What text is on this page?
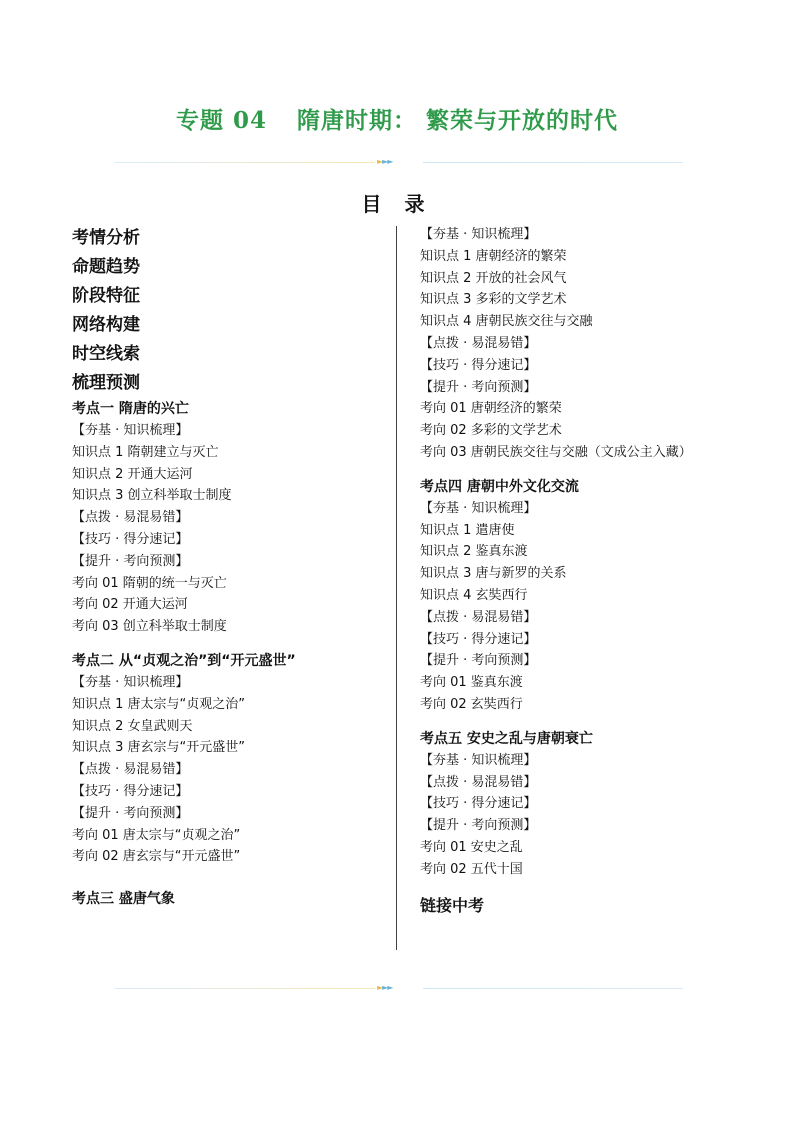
专题 04 隋唐时期： 繁荣与开放的时代
►►►
目 录
考情分析
命题趋势
阶段特征
网络构建
时空线索
梳理预测
考点一 隋唐的兴亡
【夯基 · 知识梳理】
知识点 1 隋朝建立与灭亡
知识点 2 开通大运河
知识点 3 创立科举取士制度
【点拨 · 易混易错】
【技巧 · 得分速记】
【提升 · 考向预测】
考向 01 隋朝的统一与灭亡
考向 02 开通大运河
考向 03 创立科举取士制度
考点二 从“贞观之治”到“开元盛世”
【夯基 · 知识梳理】
知识点 1 唐太宗与“贞观之治”
知识点 2 女皇武则天
知识点 3 唐玄宗与“开元盛世”
【点拨 · 易混易错】
【技巧 · 得分速记】
【提升 · 考向预测】
考向 01 唐太宗与“贞观之治”
考向 02 唐玄宗与“开元盛世”
考点三 盛唐气象
【夯基 · 知识梳理】
知识点 1 唐朝经济的繁荣
知识点 2 开放的社会风气
知识点 3 多彩的文学艺术
知识点 4 唐朝民族交往与交融
【点拨 · 易混易错】
【技巧 · 得分速记】
【提升 · 考向预测】
考向 01 唐朝经济的繁荣
考向 02 多彩的文学艺术
考向 03 唐朝民族交往与交融（文成公主入藏）
考点四 唐朝中外文化交流
【夯基 · 知识梳理】
知识点 1 遣唐使
知识点 2 鉴真东渡
知识点 3 唐与新罗的关系
知识点 4 玄奘西行
【点拨 · 易混易错】
【技巧 · 得分速记】
【提升 · 考向预测】
考向 01 鉴真东渡
考向 02 玄奘西行
考点五 安史之乱与唐朝衰亡
【夯基 · 知识梳理】
【点拨 · 易混易错】
【技巧 · 得分速记】
【提升 · 考向预测】
考向 01 安史之乱
考向 02 五代十国
链接中考
►►►
